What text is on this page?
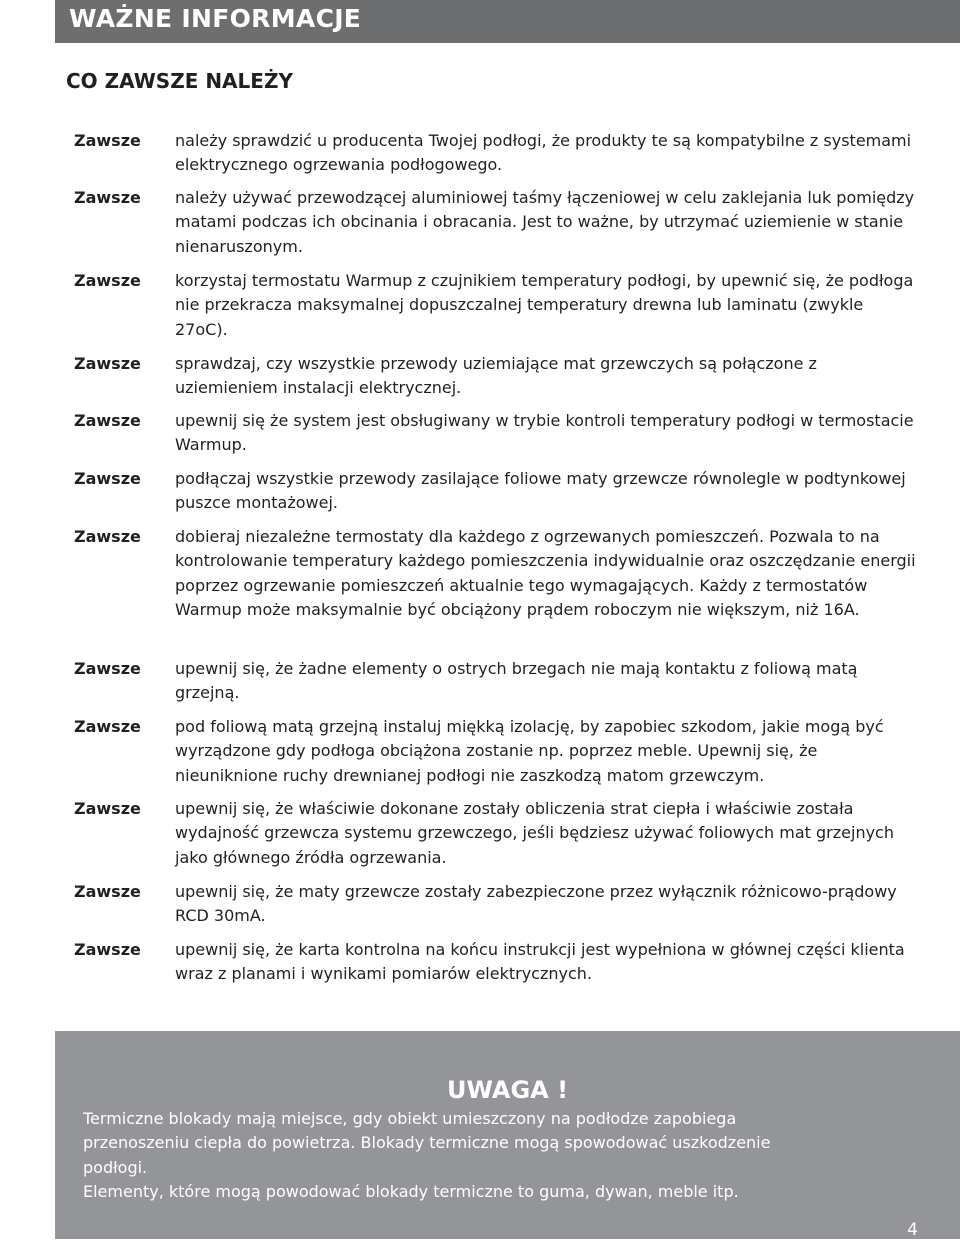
WAŻNE INFORMACJE
CO ZAWSZE NALEŻY
Zawsze należy sprawdzić u producenta Twojej podłogi, że produkty te są kompatybilne z systemami elektrycznego ogrzewania podłogowego.
Zawsze należy używać przewodzącej aluminiowej taśmy łączeniowej w celu zaklejania luk pomiędzy matami podczas ich obcinania i obracania. Jest to ważne, by utrzymać uziemienie w stanie nienaruszonym.
Zawsze korzystaj termostatu Warmup z czujnikiem temperatury podłogi, by upewnić się, że podłoga nie przekracza maksymalnej dopuszczalnej temperatury drewna lub laminatu (zwykle 27oC).
Zawsze sprawdzaj, czy wszystkie przewody uziemiające mat grzewczych są połączone z uziemieniem instalacji elektrycznej.
Zawsze upewnij się że system jest obsługiwany w trybie kontroli temperatury podłogi w termostacie Warmup.
Zawsze podłączaj wszystkie przewody zasilające foliowe maty grzewcze równolegle w podtynkowej puszce montażowej.
Zawsze dobieraj niezależne termostaty dla każdego z ogrzewanych pomieszczeń. Pozwala to na kontrolowanie temperatury każdego pomieszczenia indywidualnie oraz oszczędzanie energii poprzez ogrzewanie pomieszczeń aktualnie tego wymagających. Każdy z termostatów Warmup może maksymalnie być obciążony prądem roboczym nie większym, niż 16A.
Zawsze upewnij się, że żadne elementy o ostrych brzegach nie mają kontaktu z foliową matą grzejną.
Zawsze pod foliową matą grzejną instaluj miękką izolację, by zapobiec szkodom, jakie mogą być wyrządzone gdy podłoga obciążona zostanie np. poprzez meble. Upewnij się, że nieuniknione ruchy drewnianej podłogi nie zaszkodzą matom grzewczym.
Zawsze upewnij się, że właściwie dokonane zostały obliczenia strat ciepła i właściwie została wydajność grzewcza systemu grzewczego, jeśli będziesz używać foliowych mat grzejnych jako głównego źródła ogrzewania.
Zawsze upewnij się, że maty grzewcze zostały zabezpieczone przez wyłącznik różnicowo-prądowy RCD 30mA.
Zawsze upewnij się, że karta kontrolna na końcu instrukcji jest wypełniona w głównej części klienta wraz z planami i wynikami pomiarów elektrycznych.
UWAGA !
Termiczne blokady mają miejsce, gdy obiekt umieszczony na podłodze zapobiega
przenoszeniu ciepła do powietrza. Blokady termiczne mogą spowodować uszkodzenie
podłogi.
Elementy, które mogą powodować blokady termiczne to guma, dywan, meble itp.
4
